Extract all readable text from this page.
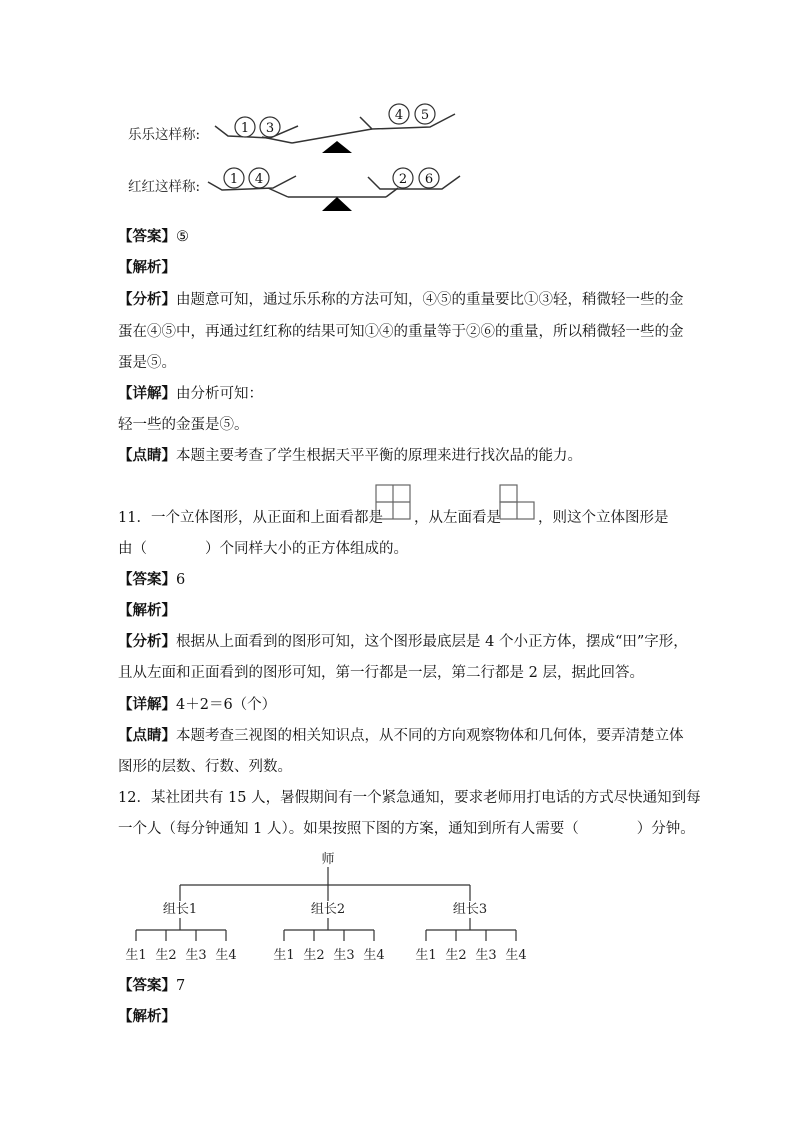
乐乐这样称:
红红这样称:
1 3
4 5
1 4	2 6
【答案】⑤
【解析】
【分析】由题意可知，通过乐乐称的方法可知，④⑤的重量要比①③轻，稍微轻一些的金
蛋在④⑤中，再通过红红称的结果可知①④的重量等于②⑥的重量，所以稍微轻一些的金
蛋是⑤。
【详解】由分析可知：
轻一些的金蛋是⑤。
【点睛】本题主要考查了学生根据天平平衡的原理来进行找次品的能力。
11．一个立体图形，从正面和上面看都是 ，从左面看是	，则这个立体图形是
由（　　　　）个同样大小的正方体组成的。
【答案】6
【解析】
【分析】根据从上面看到的图形可知，这个图形最底层是 4 个小正方体，摆成“田”字形，
且从左面和正面看到的图形可知，第一行都是一层，第二行都是 2 层，据此回答。
【详解】4＋2＝6（个）
【点睛】本题考查三视图的相关知识点，从不同的方向观察物体和几何体，要弄清楚立体
图形的层数、行数、列数。
12．某社团共有 15 人，暑假期间有一个紧急通知，要求老师用打电话的方式尽快通知到每
一个人（每分钟通知 1 人）。如果按照下图的方案，通知到所有人需要（　　　　）分钟。
师
组长1	组长2	组长3
生1 生2 生3 生4	生1 生2 生3 生4 生1 生2 生3 生4
【答案】7
【解析】
